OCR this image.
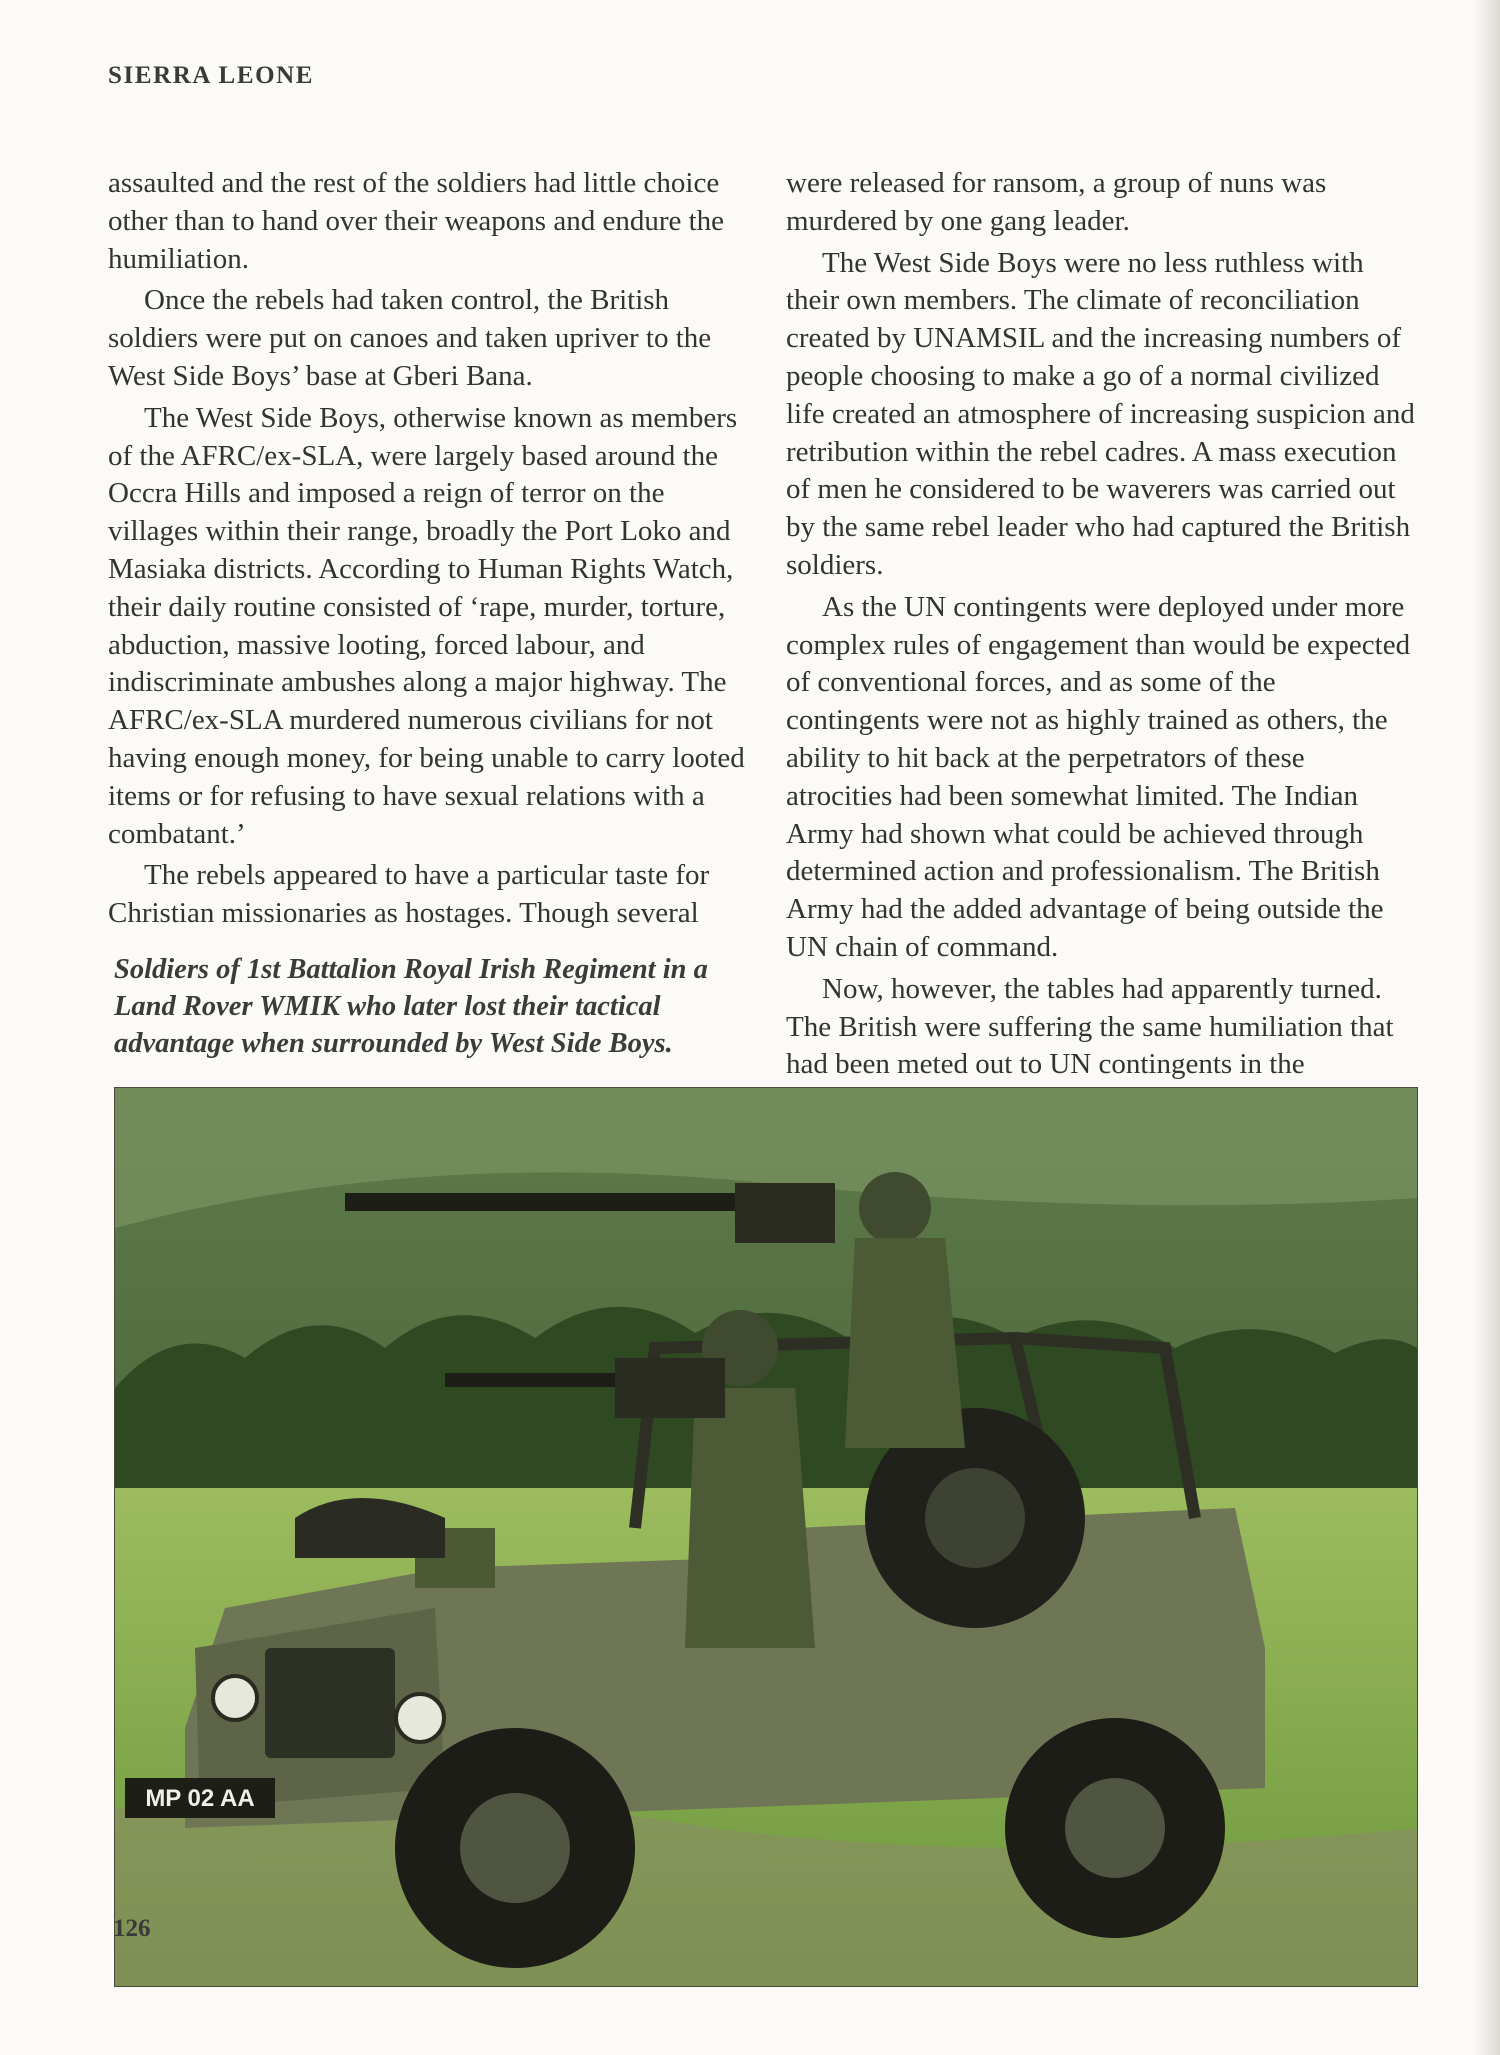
SIERRA LEONE

assaulted and the rest of the soldiers had little choice other than to hand over their weapons and endure the humiliation.

Once the rebels had taken control, the British soldiers were put on canoes and taken upriver to the West Side Boys’ base at Gberi Bana.

The West Side Boys, otherwise known as members of the AFRC/ex-SLA, were largely based around the Occra Hills and imposed a reign of terror on the villages within their range, broadly the Port Loko and Masiaka districts. According to Human Rights Watch, their daily routine consisted of ‘rape, murder, torture, abduction, massive looting, forced labour, and indiscriminate ambushes along a major highway. The AFRC/ex-SLA murdered numerous civilians for not having enough money, for being unable to carry looted items or for refusing to have sexual relations with a combatant.’

The rebels appeared to have a particular taste for Christian missionaries as hostages. Though several

were released for ransom, a group of nuns was murdered by one gang leader.

The West Side Boys were no less ruthless with their own members. The climate of reconciliation created by UNAMSIL and the increasing numbers of people choosing to make a go of a normal civilized life created an atmosphere of increasing suspicion and retribution within the rebel cadres. A mass execution of men he considered to be waverers was carried out by the same rebel leader who had captured the British soldiers.

As the UN contingents were deployed under more complex rules of engagement than would be expected of conventional forces, and as some of the contingents were not as highly trained as others, the ability to hit back at the perpetrators of these atrocities had been somewhat limited. The Indian Army had shown what could be achieved through determined action and professionalism. The British Army had the added advantage of being outside the UN chain of command.

Now, however, the tables had apparently turned. The British were suffering the same humiliation that had been meted out to UN contingents in the

Soldiers of 1st Battalion Royal Irish Regiment in a Land Rover WMIK who later lost their tactical advantage when surrounded by West Side Boys.
MP 02 AA
126
